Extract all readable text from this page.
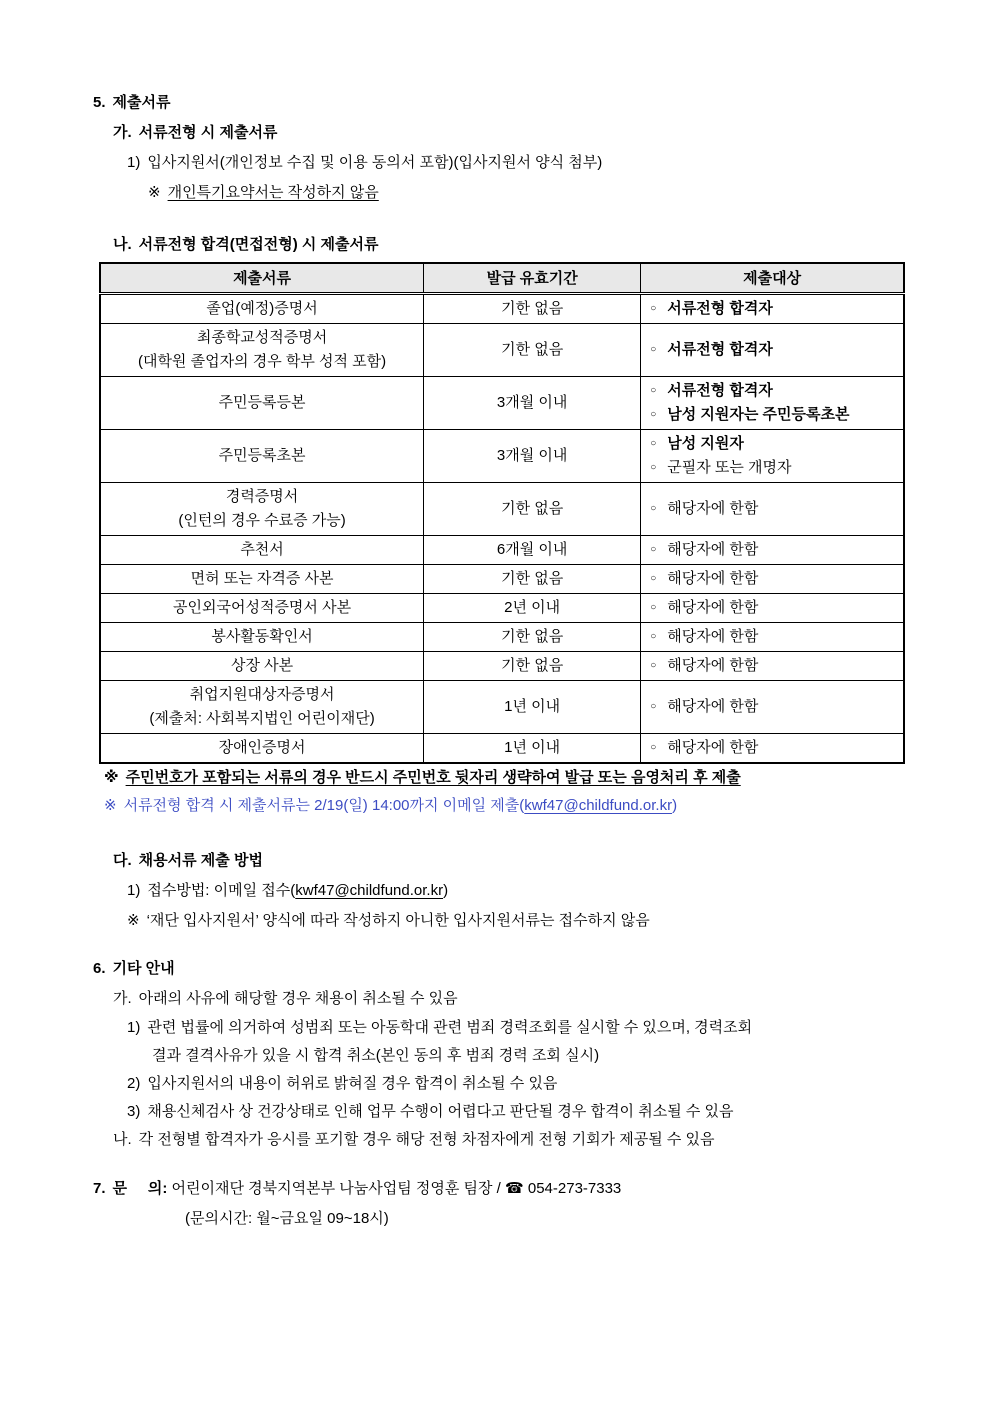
5. 제출서류
가. 서류전형 시 제출서류
1) 입사지원서(개인정보 수집 및 이용 동의서 포함)(입사지원서 양식 첨부)
※ 개인특기요약서는 작성하지 않음
나. 서류전형 합격(면접전형) 시 제출서류
제출서류	발급 유효기간	제출대상

졸업(예정)증명서	기한 없음	○ 서류전형 합격자

최종학교성적증명서
(대학원 졸업자의 경우 학부 성적 포함)	기한 없음	○ 서류전형 합격자

주민등록등본	3개월 이내	○ 서류전형 합격자
○ 남성 지원자는 주민등록초본

주민등록초본	3개월 이내	○ 남성 지원자
○ 군필자 또는 개명자

경력증명서
(인턴의 경우 수료증 가능)	기한 없음	○ 해당자에 한함

추천서	6개월 이내	○ 해당자에 한함

면허 또는 자격증 사본	기한 없음	○ 해당자에 한함

공인외국어성적증명서 사본	2년 이내	○ 해당자에 한함

봉사활동확인서	기한 없음	○ 해당자에 한함

상장 사본	기한 없음	○ 해당자에 한함

취업지원대상자증명서
(제출처: 사회복지법인 어린이재단)	1년 이내	○ 해당자에 한함

장애인증명서	1년 이내	○ 해당자에 한함
※ 주민번호가 포함되는 서류의 경우 반드시 주민번호 뒷자리 생략하여 발급 또는 음영처리 후 제출
※ 서류전형 합격 시 제출서류는 2/19(일) 14:00까지 이메일 제출(kwf47@childfund.or.kr)
다. 채용서류 제출 방법
1) 접수방법: 이메일 접수(kwf47@childfund.or.kr)
※ ‘재단 입사지원서’ 양식에 따라 작성하지 아니한 입사지원서류는 접수하지 않음
6. 기타 안내
가. 아래의 사유에 해당할 경우 채용이 취소될 수 있음
1) 관련 법률에 의거하여 성범죄 또는 아동학대 관련 범죄 경력조회를 실시할 수 있으며, 경력조회
결과 결격사유가 있을 시 합격 취소(본인 동의 후 범죄 경력 조회 실시)
2) 입사지원서의 내용이 허위로 밝혀질 경우 합격이 취소될 수 있음
3) 채용신체검사 상 건강상태로 인해 업무 수행이 어렵다고 판단될 경우 합격이 취소될 수 있음
나. 각 전형별 합격자가 응시를 포기할 경우 해당 전형 차점자에게 전형 기회가 제공될 수 있음
7. 문     의: 어린이재단 경북지역본부 나눔사업팀 정영훈 팀장 / ☎ 054-273-7333
(문의시간: 월~금요일 09~18시)
